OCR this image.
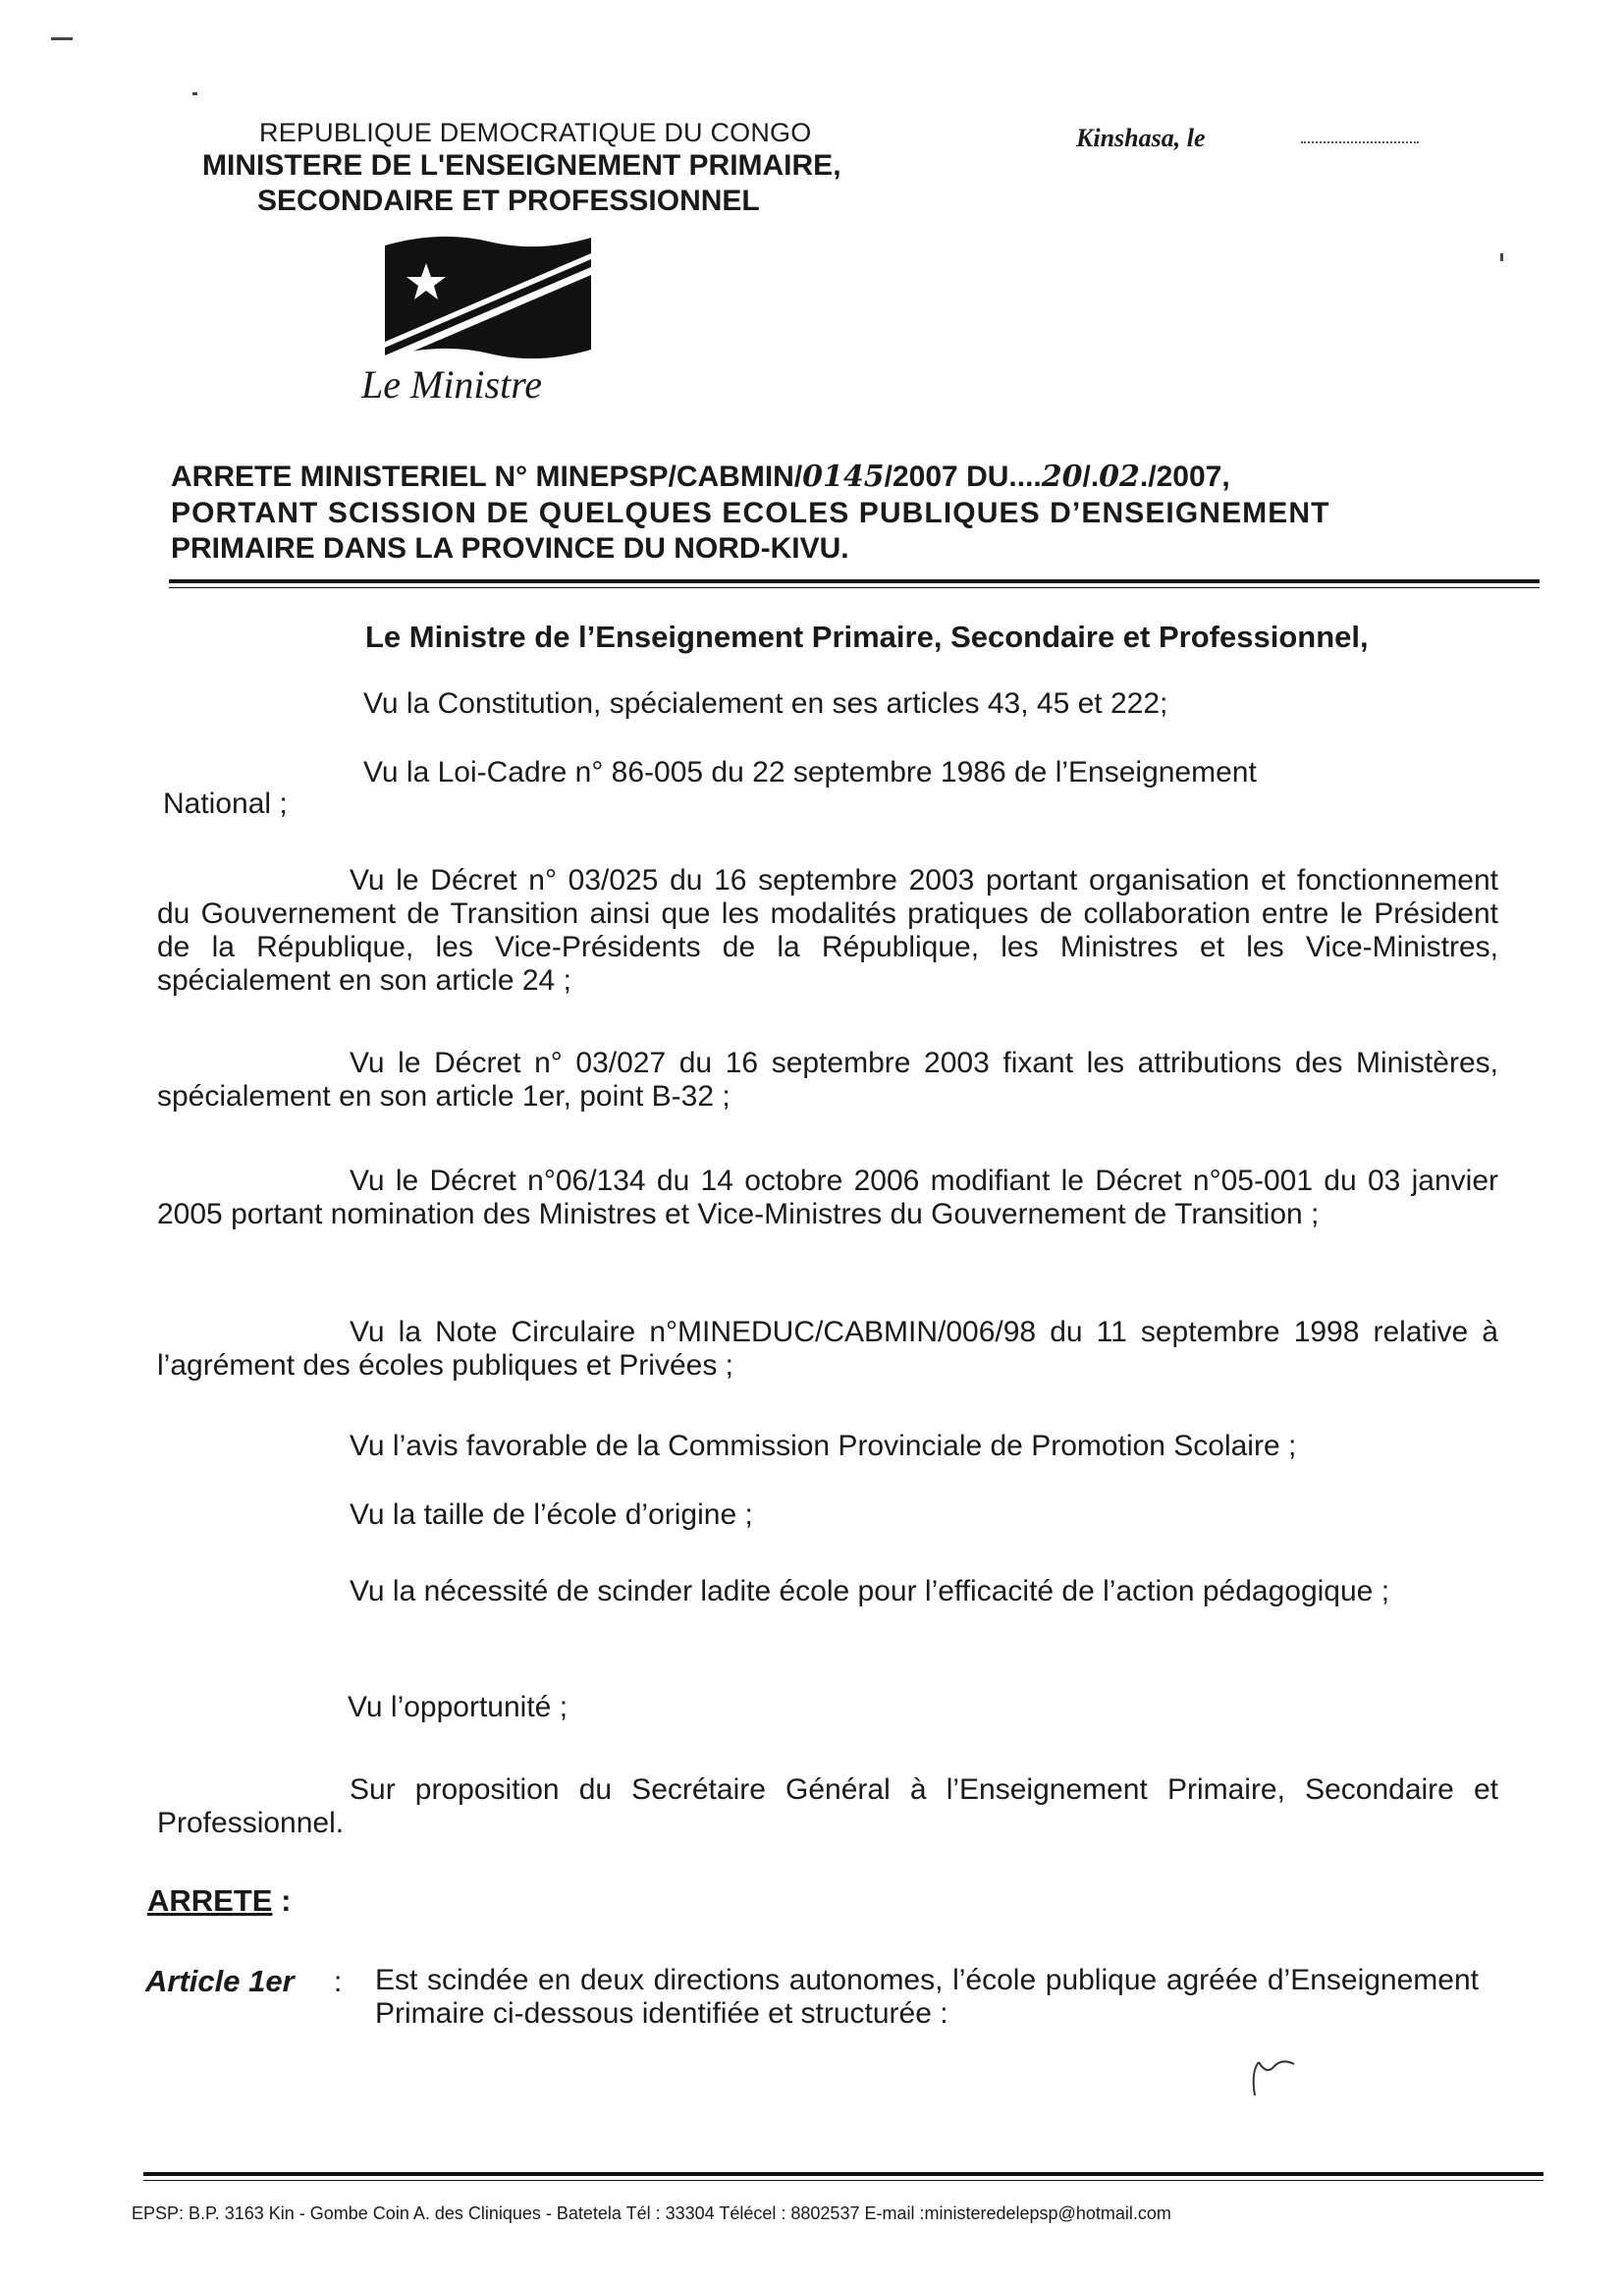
REPUBLIQUE DEMOCRATIQUE DU CONGO
MINISTERE DE L'ENSEIGNEMENT PRIMAIRE,
SECONDAIRE ET PROFESSIONNEL
Kinshasa, le
Le Ministre
ARRETE MINISTERIEL N° MINEPSP/CABMIN/0145/2007 DU....20/.02./2007,
PORTANT SCISSION DE QUELQUES ECOLES PUBLIQUES D’ENSEIGNEMENT
PRIMAIRE DANS LA PROVINCE DU NORD-KIVU.
Le Ministre de l’Enseignement Primaire, Secondaire et Professionnel,
Vu la Constitution, spécialement en ses articles 43, 45 et 222;
Vu la Loi-Cadre n° 86-005 du 22 septembre 1986 de l’Enseignement
National ;
Vu le Décret n° 03/025 du 16 septembre 2003 portant organisation et fonctionnement du Gouvernement de Transition ainsi que les modalités pratiques de collaboration entre le Président de la République, les Vice-Présidents de la République, les Ministres et les Vice-Ministres, spécialement en son article 24 ;
Vu le Décret n° 03/027 du 16 septembre 2003 fixant les attributions des Ministères, spécialement en son article 1er, point B-32 ;
Vu le Décret n°06/134 du 14 octobre 2006 modifiant le Décret n°05-001 du 03 janvier 2005 portant nomination des Ministres et Vice-Ministres du Gouvernement de Transition ;
Vu la Note Circulaire n°MINEDUC/CABMIN/006/98 du 11 septembre 1998 relative à l’agrément des écoles publiques et Privées ;
Vu l’avis favorable de la Commission Provinciale de Promotion Scolaire ;
Vu la taille de l’école d’origine ;
Vu la nécessité de scinder ladite école pour l’efficacité de l’action pédagogique ;
Vu l’opportunité ;
Sur proposition du Secrétaire Général à l’Enseignement Primaire, Secondaire et Professionnel.
ARRETE :
Article 1er : Est scindée en deux directions autonomes, l’école publique agréée d’Enseignement Primaire ci-dessous identifiée et structurée :
EPSP: B.P. 3163 Kin - Gombe Coin A. des Cliniques - Batetela Tél : 33304 Télécel : 8802537 E-mail :ministeredelepsp@hotmail.com
